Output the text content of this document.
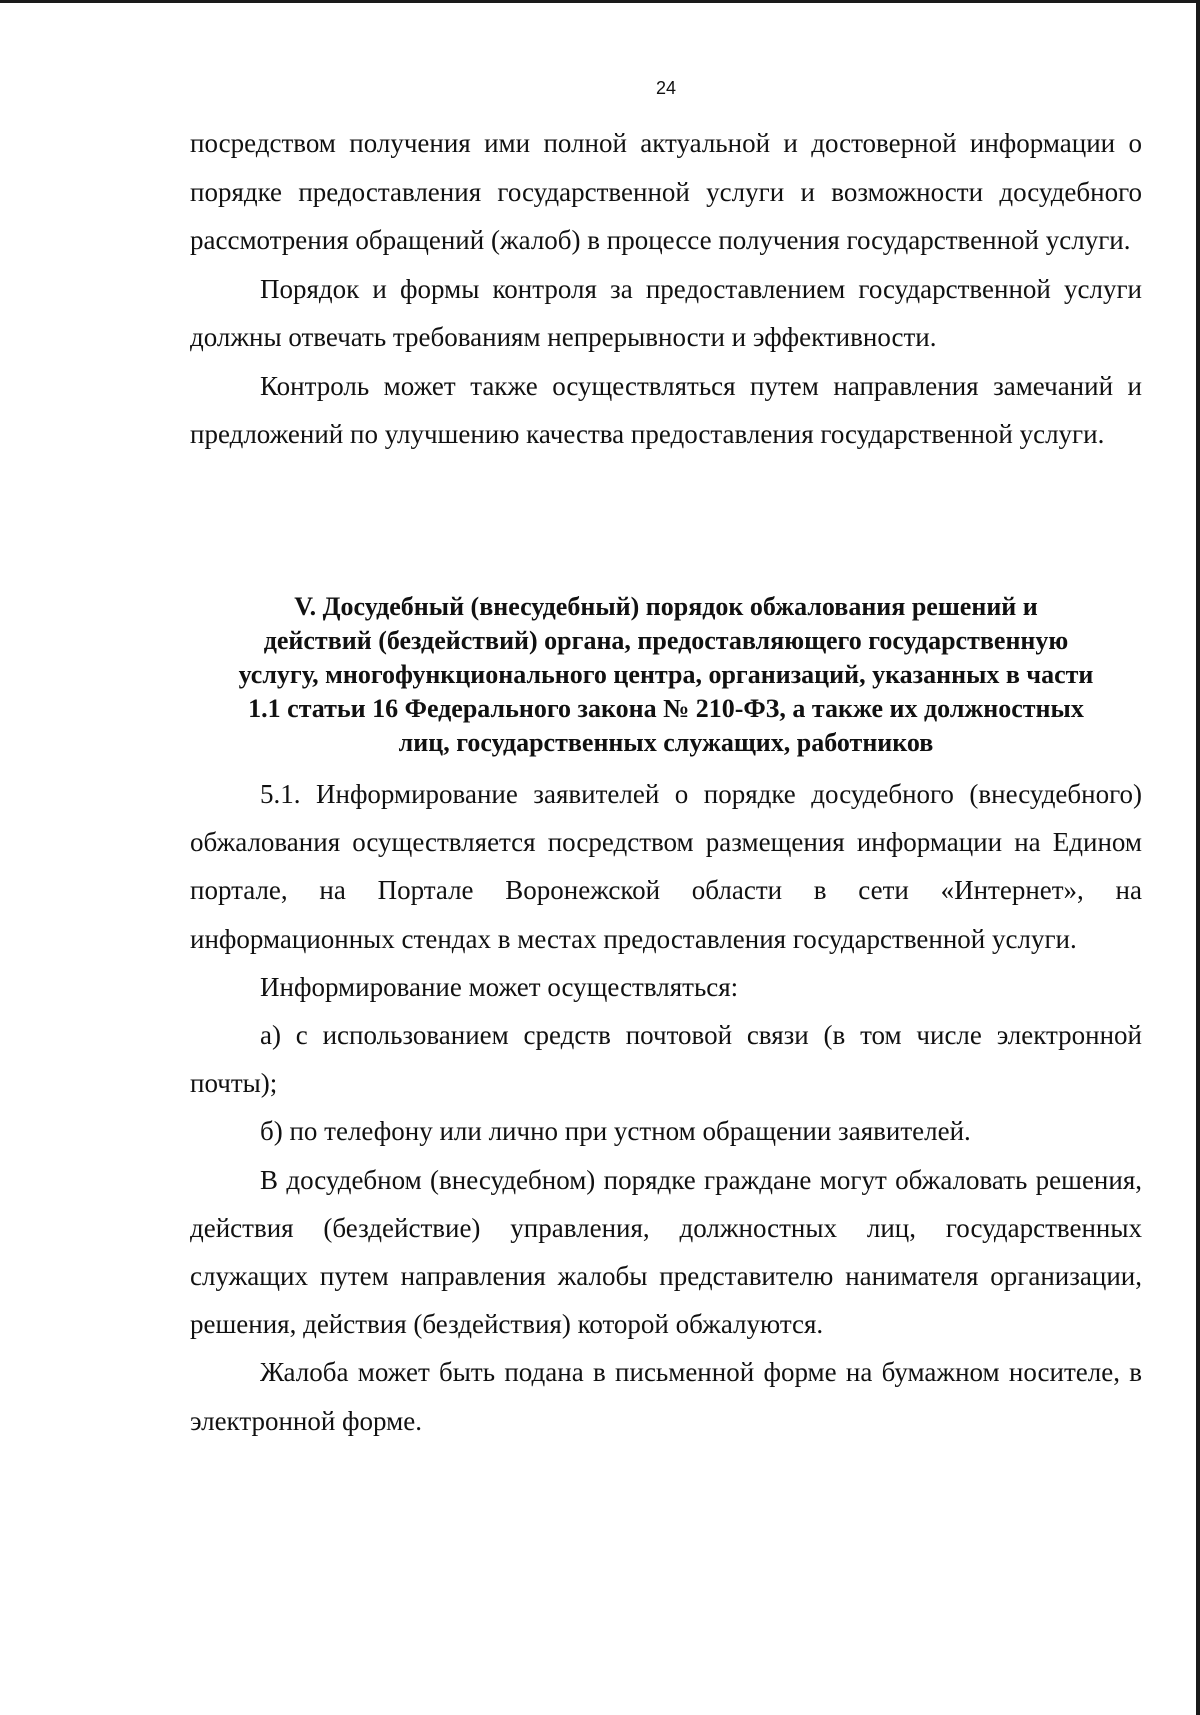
24

посредством получения ими полной актуальной и достоверной информации о порядке предоставления государственной услуги и возможности досудебного рассмотрения обращений (жалоб) в процессе получения государственной услуги.

Порядок и формы контроля за предоставлением государственной услуги должны отвечать требованиям непрерывности и эффективности.

Контроль может также осуществляться путем направления замечаний и предложений по улучшению качества предоставления государственной услуги.

V. Досудебный (внесудебный) порядок обжалования решений и
действий (бездействий) органа, предоставляющего государственную
услугу, многофункционального центра, организаций, указанных в части
1.1 статьи 16 Федерального закона № 210-ФЗ, а также их должностных
лиц, государственных служащих, работников

5.1. Информирование заявителей о порядке досудебного (внесудебного) обжалования осуществляется посредством размещения информации на Едином портале, на Портале Воронежской области в сети «Интернет», на информационных стендах в местах предоставления государственной услуги.

Информирование может осуществляться:

а) с использованием средств почтовой связи (в том числе электронной почты);

б) по телефону или лично при устном обращении заявителей.

В досудебном (внесудебном) порядке граждане могут обжаловать решения, действия (бездействие) управления, должностных лиц, государственных служащих путем направления жалобы представителю нанимателя организации, решения, действия (бездействия) которой обжалуются.

Жалоба может быть подана в письменной форме на бумажном носителе, в электронной форме.
